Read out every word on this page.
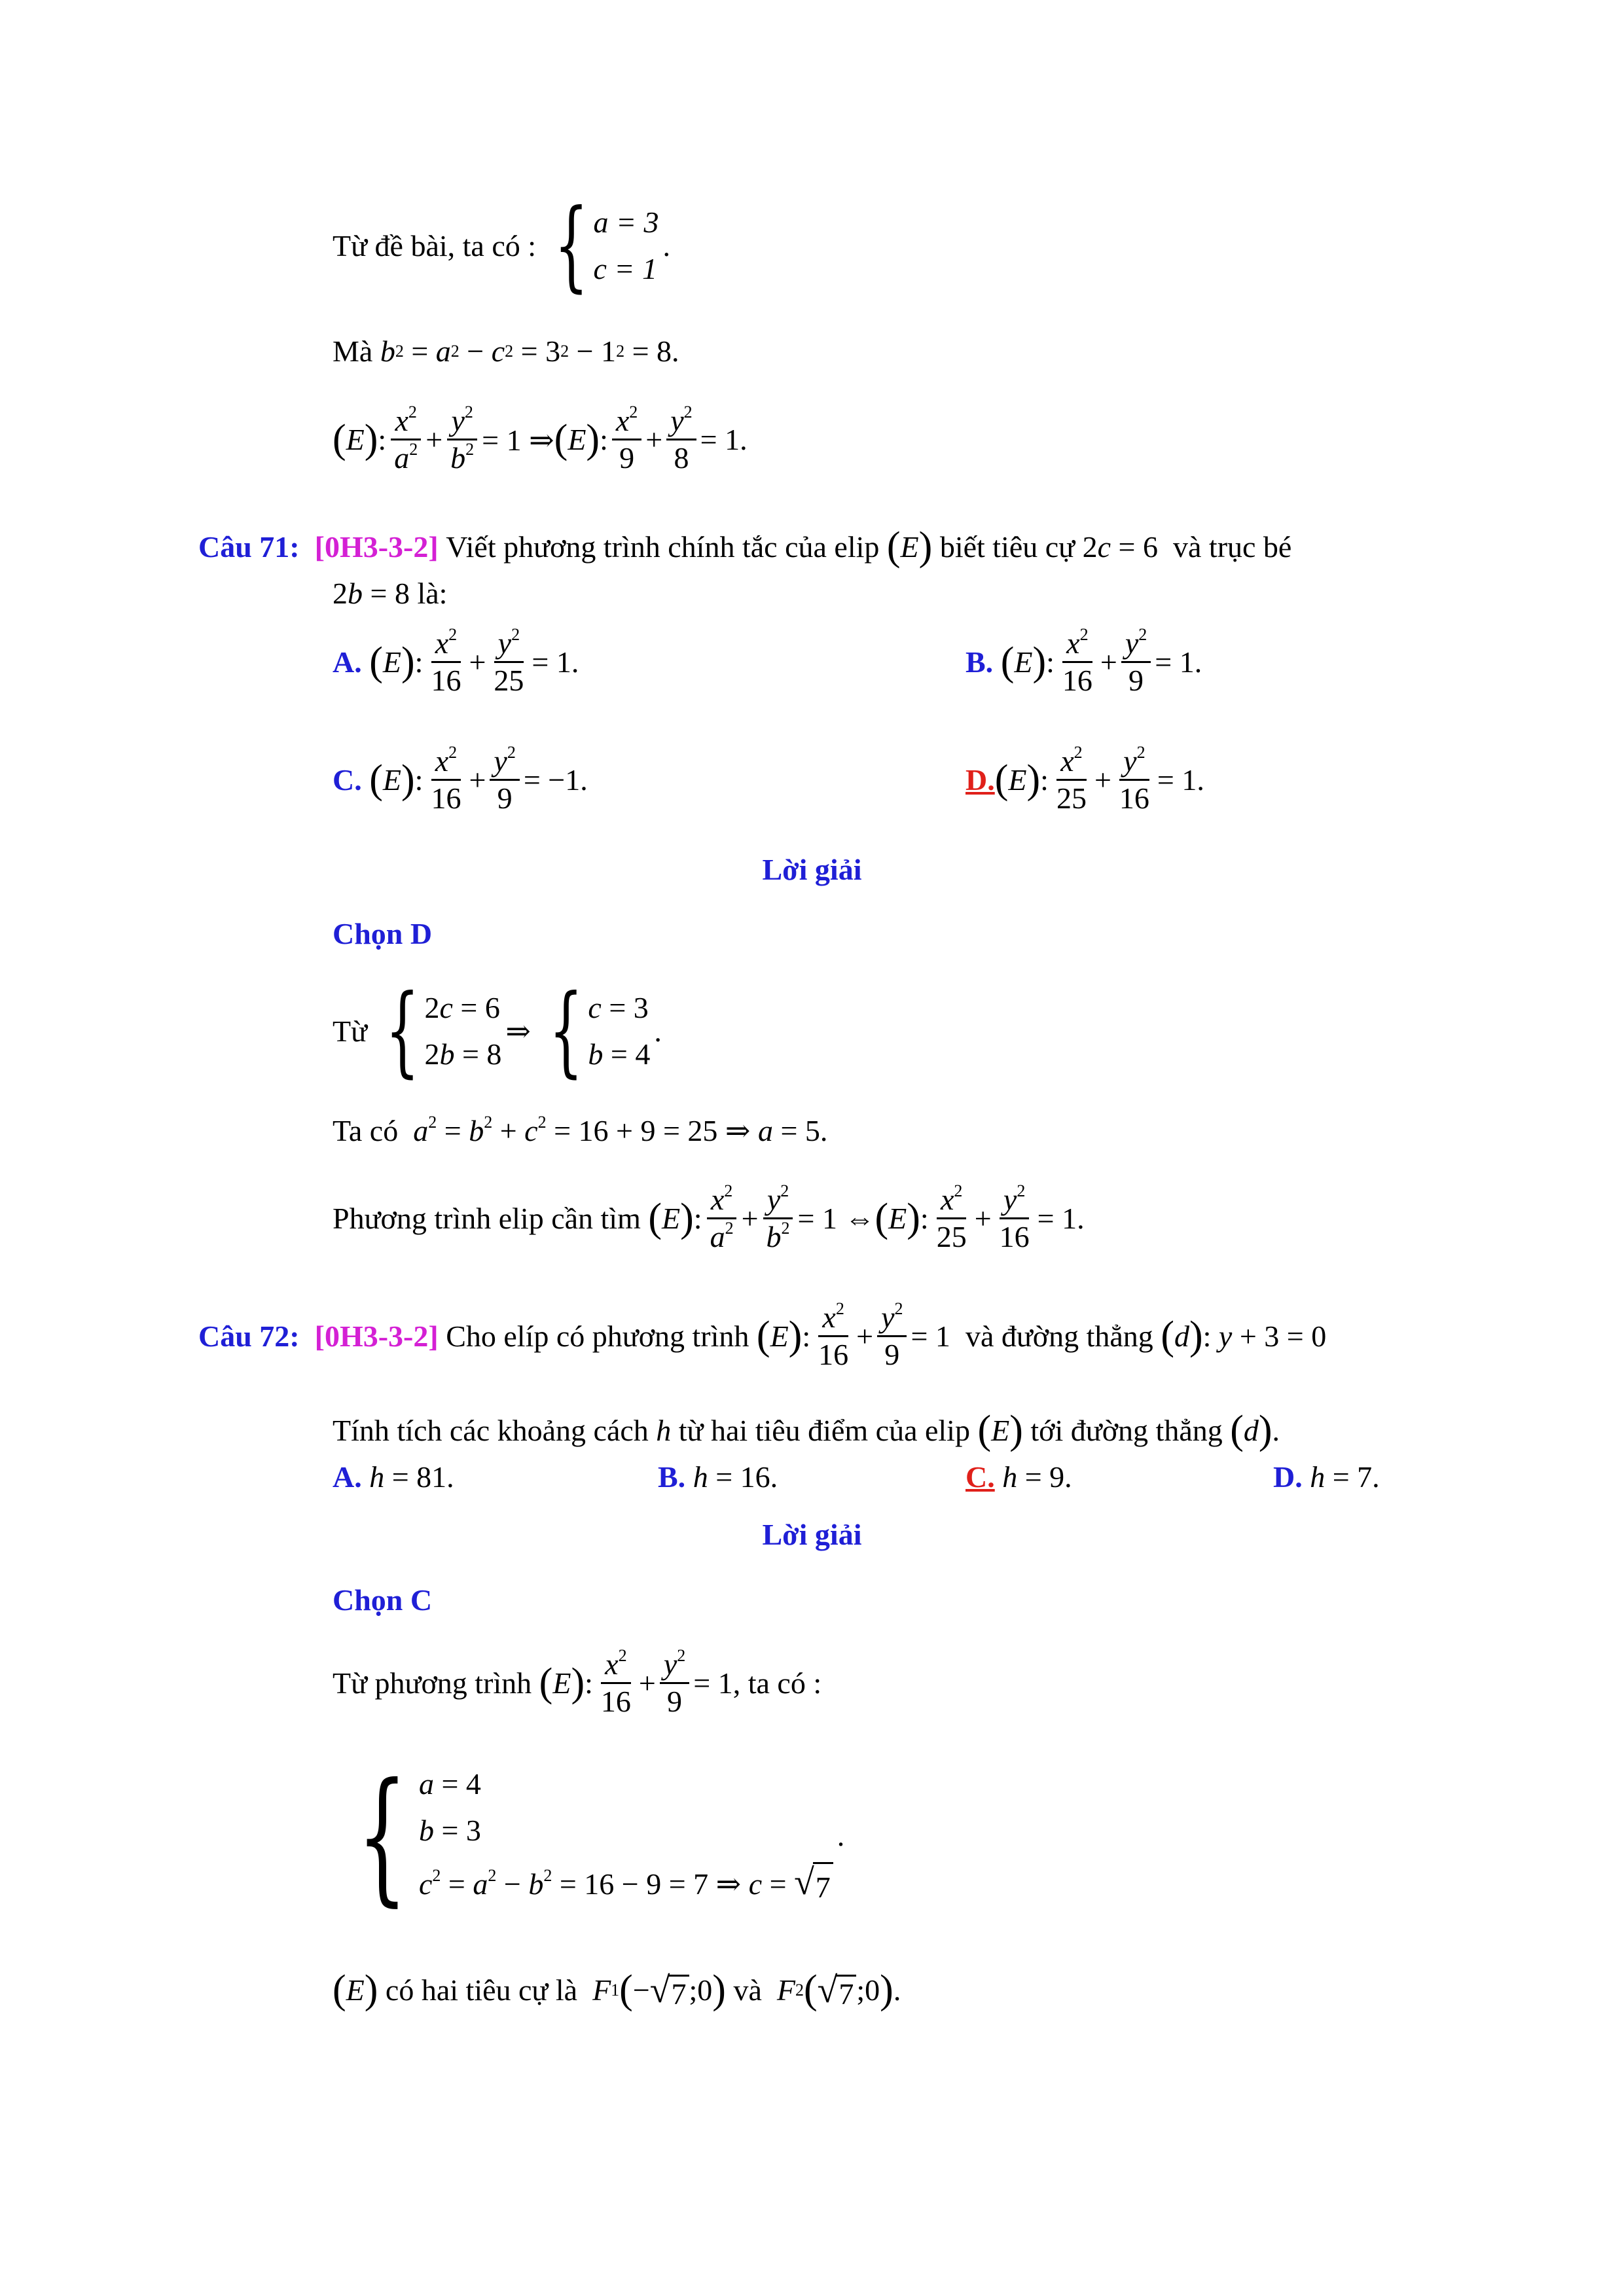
Từ đề bài, ta có : { a = 3
c = 1
.
Mà
b 2 = a 2 − c 2 = 3 2 − 1 2 = 8.
( E ) : $\frac{x^2}{a^2} + \frac{y^2}{b^2} = 1$ ⇒ ( E ) : $\frac{x^2}{9} + \frac{y^2}{8} = 1$.
Câu 71:
[0H3-3-2]
Viết phương trình chính tắc của elip ( E ) biết tiêu cự 2c = 6 và trục bé
2b = 8 là:
A.
( E ) : $\frac{x^2}{16} + \frac{y^2}{25} = 1$.	B.
( E ) : $\frac{x^2}{16} + \frac{y^2}{9} = 1$.
C.
( E ) : $\frac{x^2}{16} + \frac{y^2}{9} = -1$.	D. ( E ) : $\frac{x^2}{25} + \frac{y^2}{16} = 1$.
Lời giải
Chọn D
Từ { 2c = 6
2b = 8
⇒ { c = 3
b = 4
.
Ta có  $a^2 = b^2 + c^2 = 16 + 9 = 25$ ⇒ a = 5.
Phương trình elip cần tìm
( E ) : $\frac{x^2}{a^2} + \frac{y^2}{b^2} = 1$ ⇔ ( E ) : $\frac{x^2}{25} + \frac{y^2}{16} = 1$.
Câu 72:
[0H3-3-2]
Cho elíp có phương trình
( E ) : $\frac{x^2}{16} + \frac{y^2}{9} = 1$ và đường thẳng
( d ) : y + 3 = 0
Tính tích các khoảng cách h từ hai tiêu điểm của elip ( E ) tới đường thẳng ( d ) .
A.
h = 81.	B.
h = 16.	C.
h = 9.	D.
h = 7.
Lời giải
Chọn C
Từ phương trình
( E ) : $\frac{x^2}{16} + \frac{y^2}{9} = 1$ , ta có :
{ a = 4
b = 3
$c^2 = a^2 - b^2 = 16 - 9 = 7$ ⇒ c = √ 7
.
( E )
có hai tiêu cự là
F 1 ( − √ 7 ;0 )
và
F 2 ( √ 7 ;0 ) .
